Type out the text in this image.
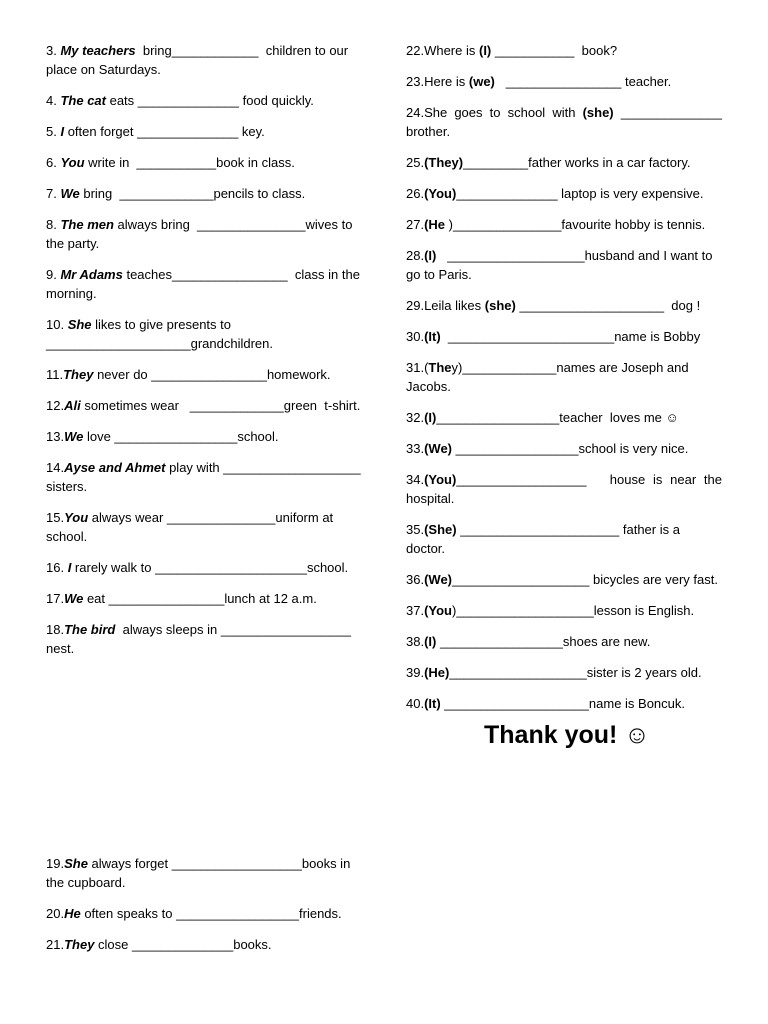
3. My teachers  bring____________  children to our place on Saturdays.

4. The cat eats ______________ food quickly.

5. I often forget ______________ key.

6. You write in  ___________book in class.

7. We bring  _____________pencils to class.

8. The men always bring  _______________wives to the party.

9. Mr Adams teaches________________  class in the morning.

10. She likes to give presents to ____________________grandchildren.

11.They never do ________________homework.

12.Ali sometimes wear   _____________green  t-shirt.

13.We love _________________school.

14.Ayse and Ahmet play with ___________________ sisters.

15.You always wear _______________uniform at school.

16. I rarely walk to _____________________school.

17.We eat ________________lunch at 12 a.m.

18.The bird  always sleeps in __________________ nest.

22.Where is (I) ___________  book?

23.Here is (we)   ________________ teacher.

24.She goes to school with (she) ______________ brother.

25.(They)_________father works in a car factory.

26.(You)______________ laptop is very expensive.

27.(He )_______________favourite hobby is tennis.

28.(I)   ___________________husband and I want to go to Paris.

29.Leila likes (she) ____________________  dog !

30.(It)  _______________________name is Bobby

31.(They)_____________names are Joseph and Jacobs.

32.(I)_________________teacher  loves me ☺

33.(We) _________________school is very nice.

34.(You)__________________   house is near the hospital.

35.(She) ______________________ father is a doctor.

36.(We)___________________ bicycles are very fast.

37.(You)___________________lesson is English.

38.(I) _________________shoes are new.

39.(He)___________________sister is 2 years old.

40.(It) ____________________name is Boncuk.

19.She always forget __________________books in the cupboard.

20.He often speaks to _________________friends.

21.They close ______________books.

Thank you! ☺
